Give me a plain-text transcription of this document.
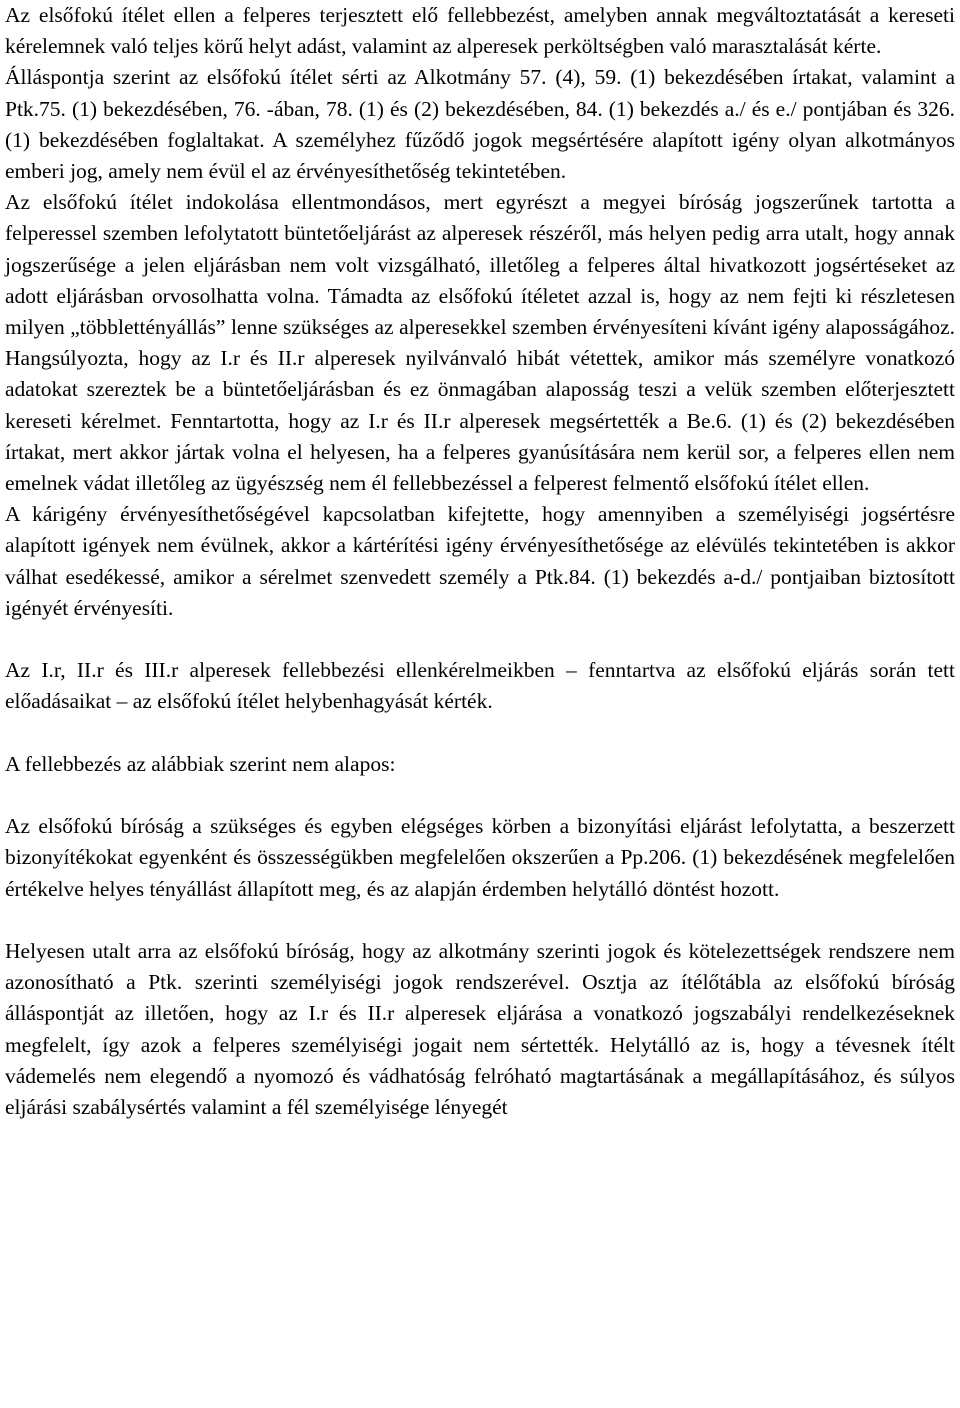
Az elsőfokú ítélet ellen a felperes terjesztett elő fellebbezést, amelyben annak megváltoztatását a kereseti kérelemnek való teljes körű helyt adást, valamint az alperesek perköltségben való marasztalását kérte.

Álláspontja szerint az elsőfokú ítélet sérti az Alkotmány 57. (4), 59. (1) bekezdésében írtakat, valamint a Ptk.75. (1) bekezdésében, 76. -ában, 78. (1) és (2) bekezdésében, 84. (1) bekezdés a./ és e./ pontjában és 326. (1) bekezdésében foglaltakat. A személyhez fűződő jogok megsértésére alapított igény olyan alkotmányos emberi jog, amely nem évül el az érvényesíthetőség tekintetében.

Az elsőfokú ítélet indokolása ellentmondásos, mert egyrészt a megyei bíróság jogszerűnek tartotta a felperessel szemben lefolytatott büntetőeljárást az alperesek részéről, más helyen pedig arra utalt, hogy annak jogszerűsége a jelen eljárásban nem volt vizsgálható, illetőleg a felperes által hivatkozott jogsértéseket az adott eljárásban orvosolhatta volna. Támadta az elsőfokú ítéletet azzal is, hogy az nem fejti ki részletesen milyen „többlettényállás” lenne szükséges az alperesekkel szemben érvényesíteni kívánt igény alaposságához. Hangsúlyozta, hogy az I.r és II.r alperesek nyilvánvaló hibát vétettek, amikor más személyre vonatkozó adatokat szereztek be a büntetőeljárásban és ez önmagában alaposság teszi a velük szemben előterjesztett kereseti kérelmet. Fenntartotta, hogy az I.r és II.r alperesek megsértették a Be.6. (1) és (2) bekezdésében írtakat, mert akkor jártak volna el helyesen, ha a felperes gyanúsítására nem kerül sor, a felperes ellen nem emelnek vádat illetőleg az ügyészség nem él fellebbezéssel a felperest felmentő elsőfokú ítélet ellen.

A kárigény érvényesíthetőségével kapcsolatban kifejtette, hogy amennyiben a személyiségi jogsértésre alapított igények nem évülnek, akkor a kártérítési igény érvényesíthetősége az elévülés tekintetében is akkor válhat esedékessé, amikor a sérelmet szenvedett személy a Ptk.84. (1) bekezdés a-d./ pontjaiban biztosított igényét érvényesíti.

Az I.r, II.r és III.r alperesek fellebbezési ellenkérelmeikben – fenntartva az elsőfokú eljárás során tett előadásaikat – az elsőfokú ítélet helybenhagyását kérték.

A fellebbezés az alábbiak szerint nem alapos:

Az elsőfokú bíróság a szükséges és egyben elégséges körben a bizonyítási eljárást lefolytatta, a beszerzett bizonyítékokat egyenként és összességükben megfelelően okszerűen a Pp.206. (1) bekezdésének megfelelően értékelve helyes tényállást állapított meg, és az alapján érdemben helytálló döntést hozott.

Helyesen utalt arra az elsőfokú bíróság, hogy az alkotmány szerinti jogok és kötelezettségek rendszere nem azonosítható a Ptk. szerinti személyiségi jogok rendszerével. Osztja az ítélőtábla az elsőfokú bíróság álláspontját az illetően, hogy az I.r és II.r alperesek eljárása a vonatkozó jogszabályi rendelkezéseknek megfelelt, így azok a felperes személyiségi jogait nem sértették. Helytálló az is, hogy a tévesnek ítélt vádemelés nem elegendő a nyomozó és vádhatóság felróható magtartásának a megállapításához, és súlyos eljárási szabálysértés valamint a fél személyisége lényegét
